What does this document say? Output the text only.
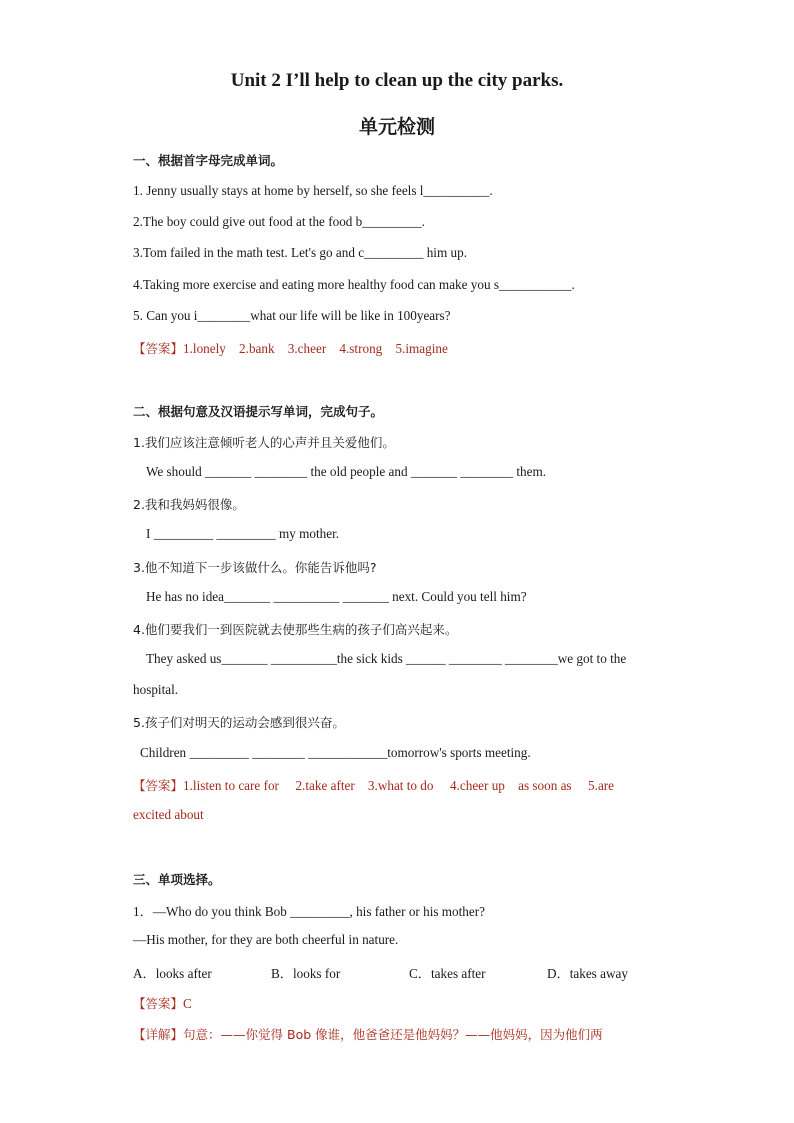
Unit 2 I’ll help to clean up the city parks.
单元检测
一、根据首字母完成单词。
1. Jenny usually stays at home by herself, so she feels l__________.
2.The boy could give out food at the food b_________.
3.Tom failed in the math test. Let's go and c_________ him up.
4.Taking more exercise and eating more healthy food can make you s___________.
5. Can you i________what our life will be like in 100years?
【答案】1.lonely    2.bank    3.cheer    4.strong    5.imagine
二、根据句意及汉语提示写单词，完成句子。
1.我们应该注意倾听老人的心声并且关爱他们。
We should _______ ________ the old people and _______ ________ them.
2.我和我妈妈很像。
I _________ _________ my mother.
3.他不知道下一步该做什么。你能告诉他吗?
He has no idea_______ __________ _______ next. Could you tell him?
4.他们要我们一到医院就去使那些生病的孩子们高兴起来。
They asked us_______ __________the sick kids ______ ________ ________we got to the
hospital.
5.孩子们对明天的运动会感到很兴奋。
Children _________ ________ ____________tomorrow's sports meeting.
【答案】1.listen to care for     2.take after    3.what to do     4.cheer up    as soon as     5.are
excited about
三、单项选择。
1．—Who do you think Bob _________, his father or his mother?
—His mother, for they are both cheerful in nature.
A．looks after	B．looks for	C．takes after	D．takes away
【答案】C
【详解】句意：——你觉得 Bob 像谁，他爸爸还是他妈妈？——他妈妈，因为他们两
